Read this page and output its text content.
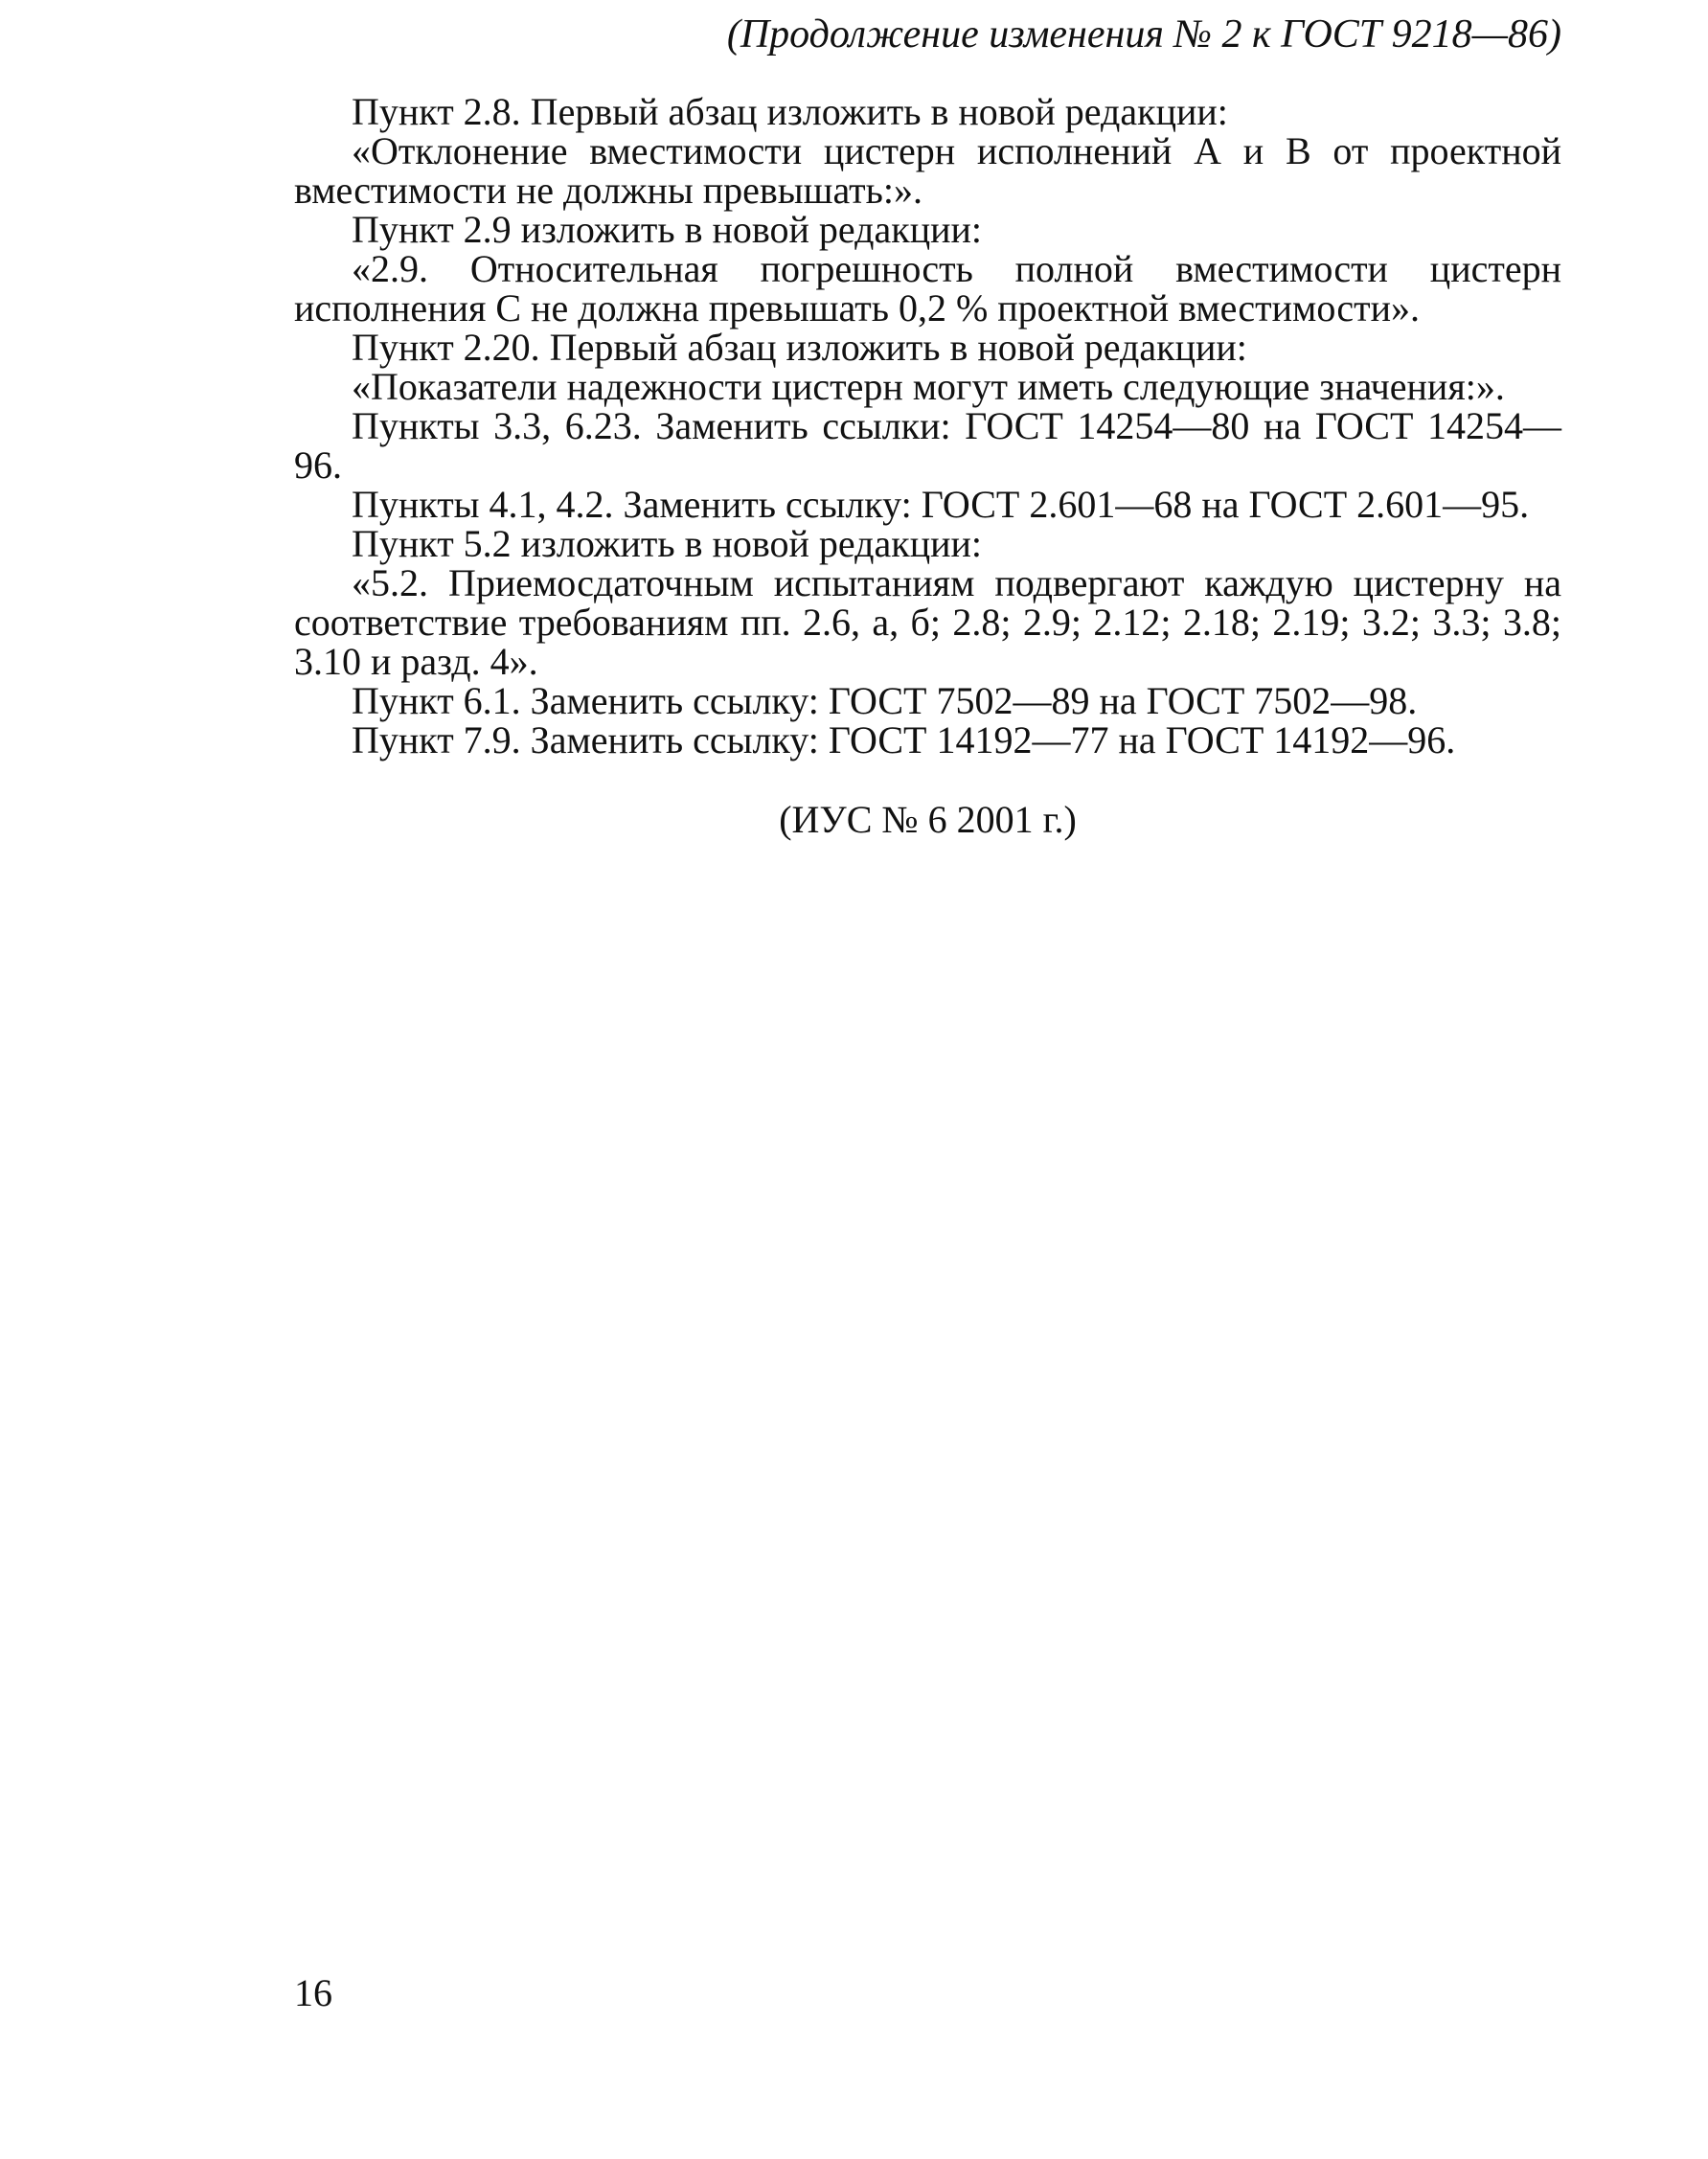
(Продолжение изменения № 2 к ГОСТ 9218—86)

Пункт 2.8. Первый абзац изложить в новой редакции:

«Отклонение вместимости цистерн исполнений А и В от проектной вместимости не должны превышать:».

Пункт 2.9 изложить в новой редакции:

«2.9. Относительная погрешность полной вместимости цистерн исполнения С не должна превышать 0,2 % проектной вместимости».

Пункт 2.20. Первый абзац изложить в новой редакции:

«Показатели надежности цистерн могут иметь следующие значения:».

Пункты 3.3, 6.23. Заменить ссылки: ГОСТ 14254—80 на ГОСТ 14254—96.

Пункты 4.1, 4.2. Заменить ссылку: ГОСТ 2.601—68 на ГОСТ 2.601—95.

Пункт 5.2 изложить в новой редакции:

«5.2. Приемосдаточным испытаниям подвергают каждую цистерну на соответствие требованиям пп. 2.6, а, б; 2.8; 2.9; 2.12; 2.18; 2.19; 3.2; 3.3; 3.8; 3.10 и разд. 4».

Пункт 6.1. Заменить ссылку: ГОСТ 7502—89 на ГОСТ 7502—98.

Пункт 7.9. Заменить ссылку: ГОСТ 14192—77 на ГОСТ 14192—96.

(ИУС № 6 2001 г.)

16
